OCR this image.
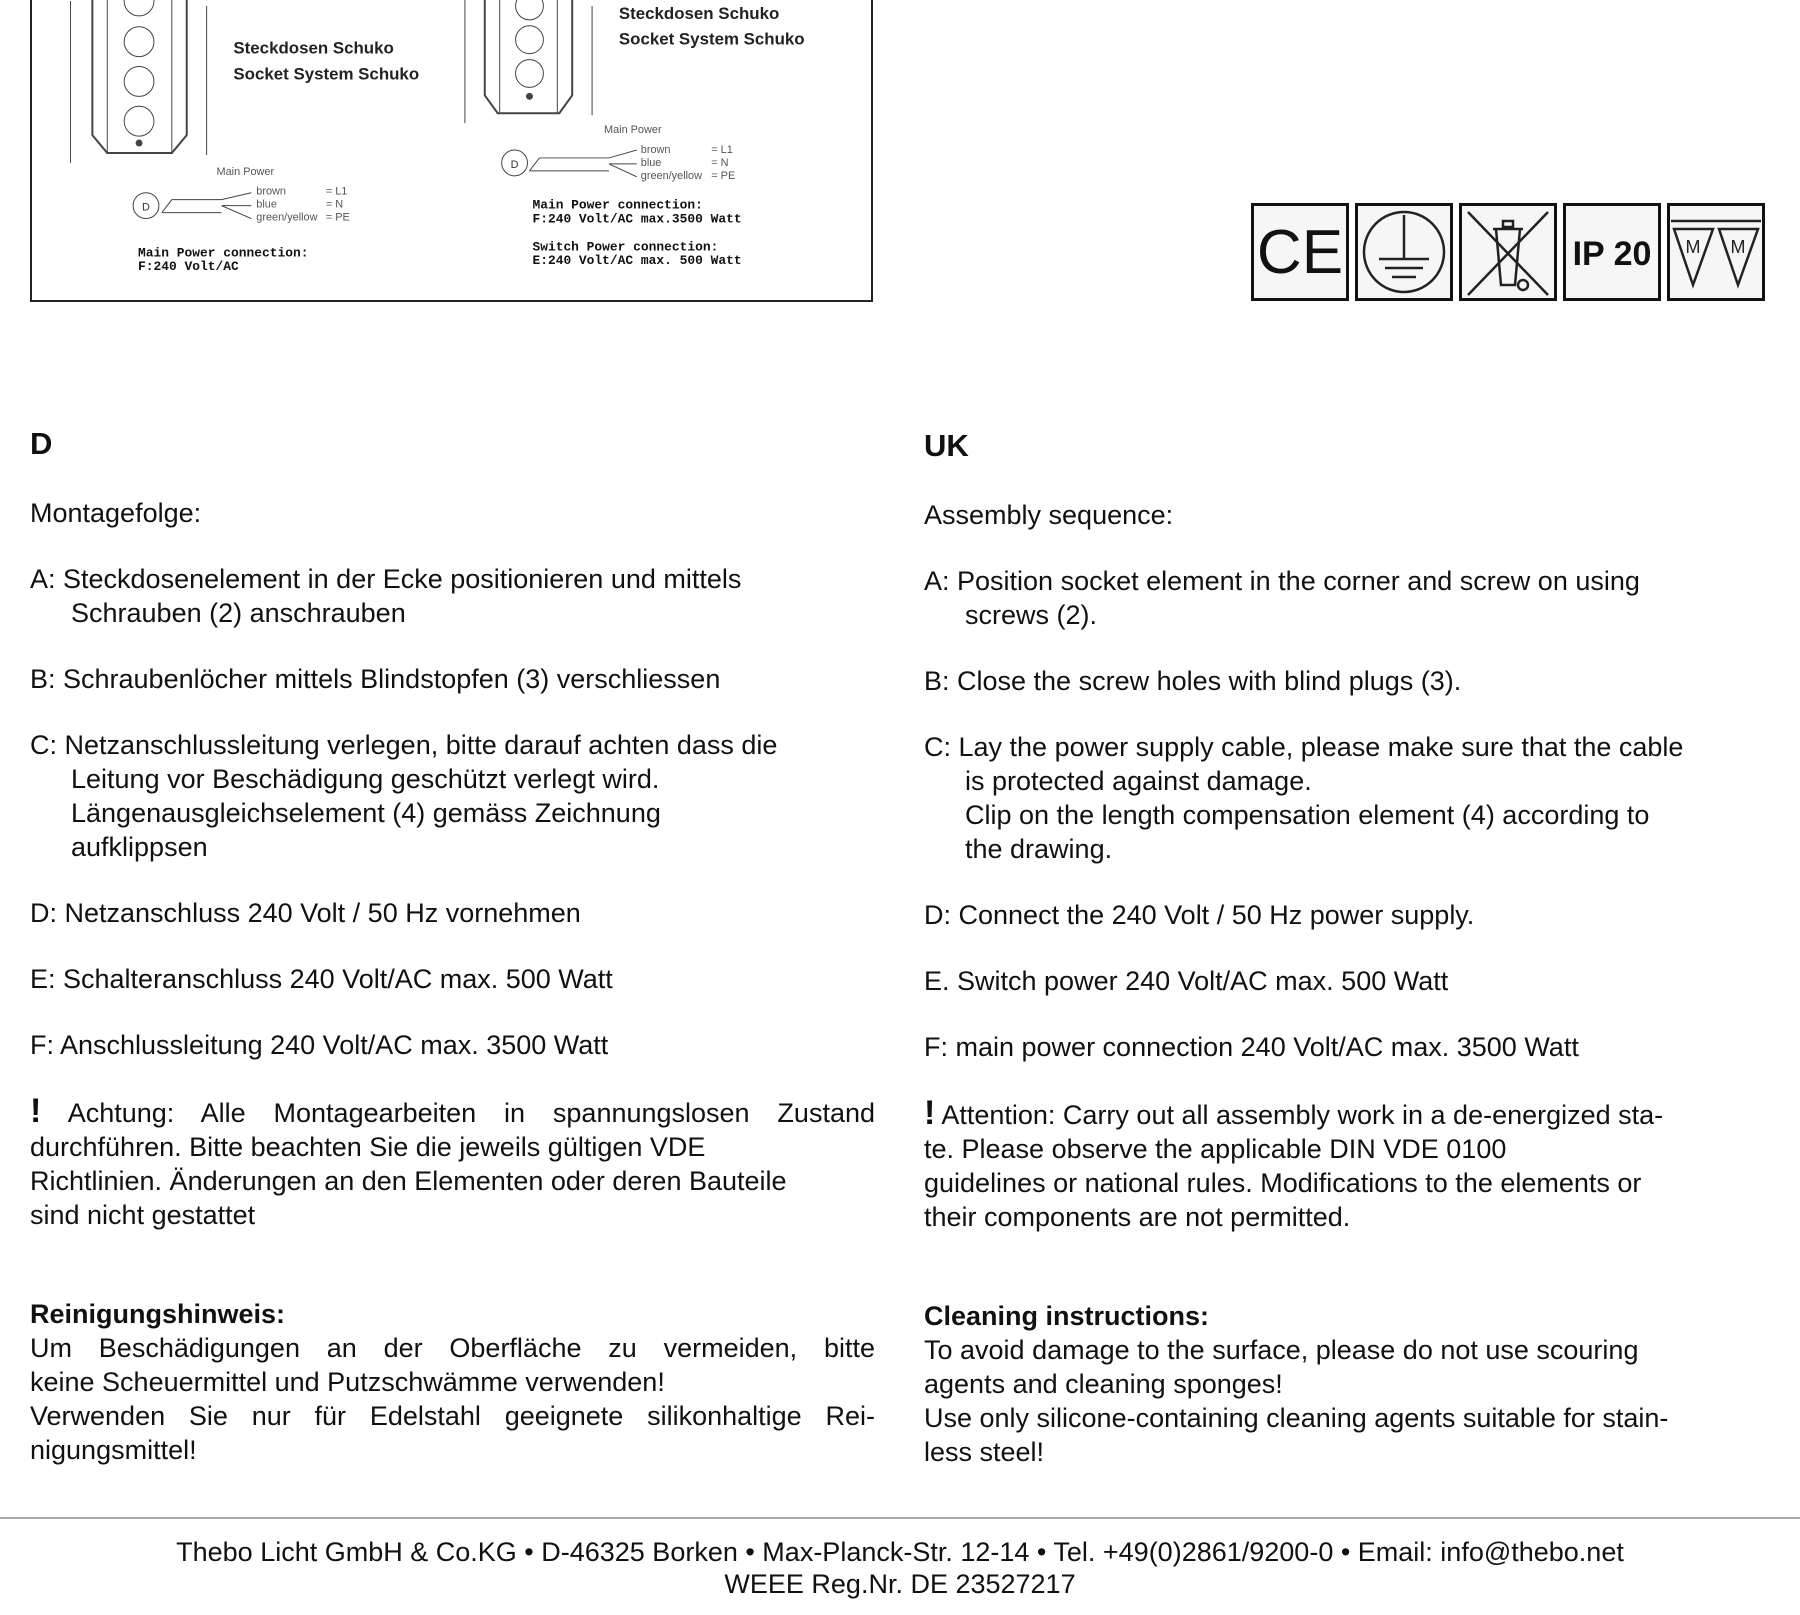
Steckdosen Schuko
Socket System Schuko
Main Power
brown
blue
green/yellow
= L1
= N
= PE
D
Main Power connection:
F:240 Volt/AC
Steckdosen Schuko
Socket System Schuko
Main Power
brown
blue
green/yellow
= L1
= N
= PE
D
Main Power connection:
F:240 Volt/AC max.3500 Watt
Switch Power connection:
E:240 Volt/AC max. 500 Watt	CE	IP 20 M M
D
Montagefolge:
A: Steckdosenelement in der Ecke positionieren und mittels
Schrauben (2) anschrauben
B: Schraubenlöcher mittels Blindstopfen (3) verschliessen
C: Netzanschlussleitung verlegen, bitte darauf achten dass die
Leitung vor Beschädigung geschützt verlegt wird.
Längenausgleichselement (4) gemäss Zeichnung
aufklippsen
D: Netzanschluss 240 Volt / 50 Hz vornehmen
E: Schalteranschluss 240 Volt/AC max. 500 Watt
F: Anschlussleitung 240 Volt/AC max. 3500 Watt
! Achtung: Alle Montagearbeiten in spannungslosen Zustand
durchführen. Bitte beachten Sie die jeweils gültigen VDE
Richtlinien. Änderungen an den Elementen oder deren Bauteile
sind nicht gestattet
Reinigungshinweis:
Um Beschädigungen an der Oberfläche zu vermeiden, bitte
keine Scheuermittel und Putzschwämme verwenden!
Verwenden Sie nur für Edelstahl geeignete silikonhaltige Rei-
nigungsmittel!
UK
Assembly sequence:
A: Position socket element in the corner and screw on using
screws (2).
B: Close the screw holes with blind plugs (3).
C: Lay the power supply cable, please make sure that the cable
is protected against damage.
Clip on the length compensation element (4) according to
the drawing.
D: Connect the 240 Volt / 50 Hz power supply.
E. Switch power 240 Volt/AC max. 500 Watt
F: main power connection 240 Volt/AC max. 3500 Watt
! Attention: Carry out all assembly work in a de-energized sta-
te. Please observe the applicable DIN VDE 0100
guidelines or national rules. Modifications to the elements or
their components are not permitted.
Cleaning instructions:
To avoid damage to the surface, please do not use scouring
agents and cleaning sponges!
Use only silicone-containing cleaning agents suitable for stain-
less steel!
Thebo Licht GmbH & Co.KG • D-46325 Borken • Max-Planck-Str. 12-14 • Tel. +49(0)2861/9200-0 • Email: info@thebo.net
WEEE Reg.Nr. DE 23527217
